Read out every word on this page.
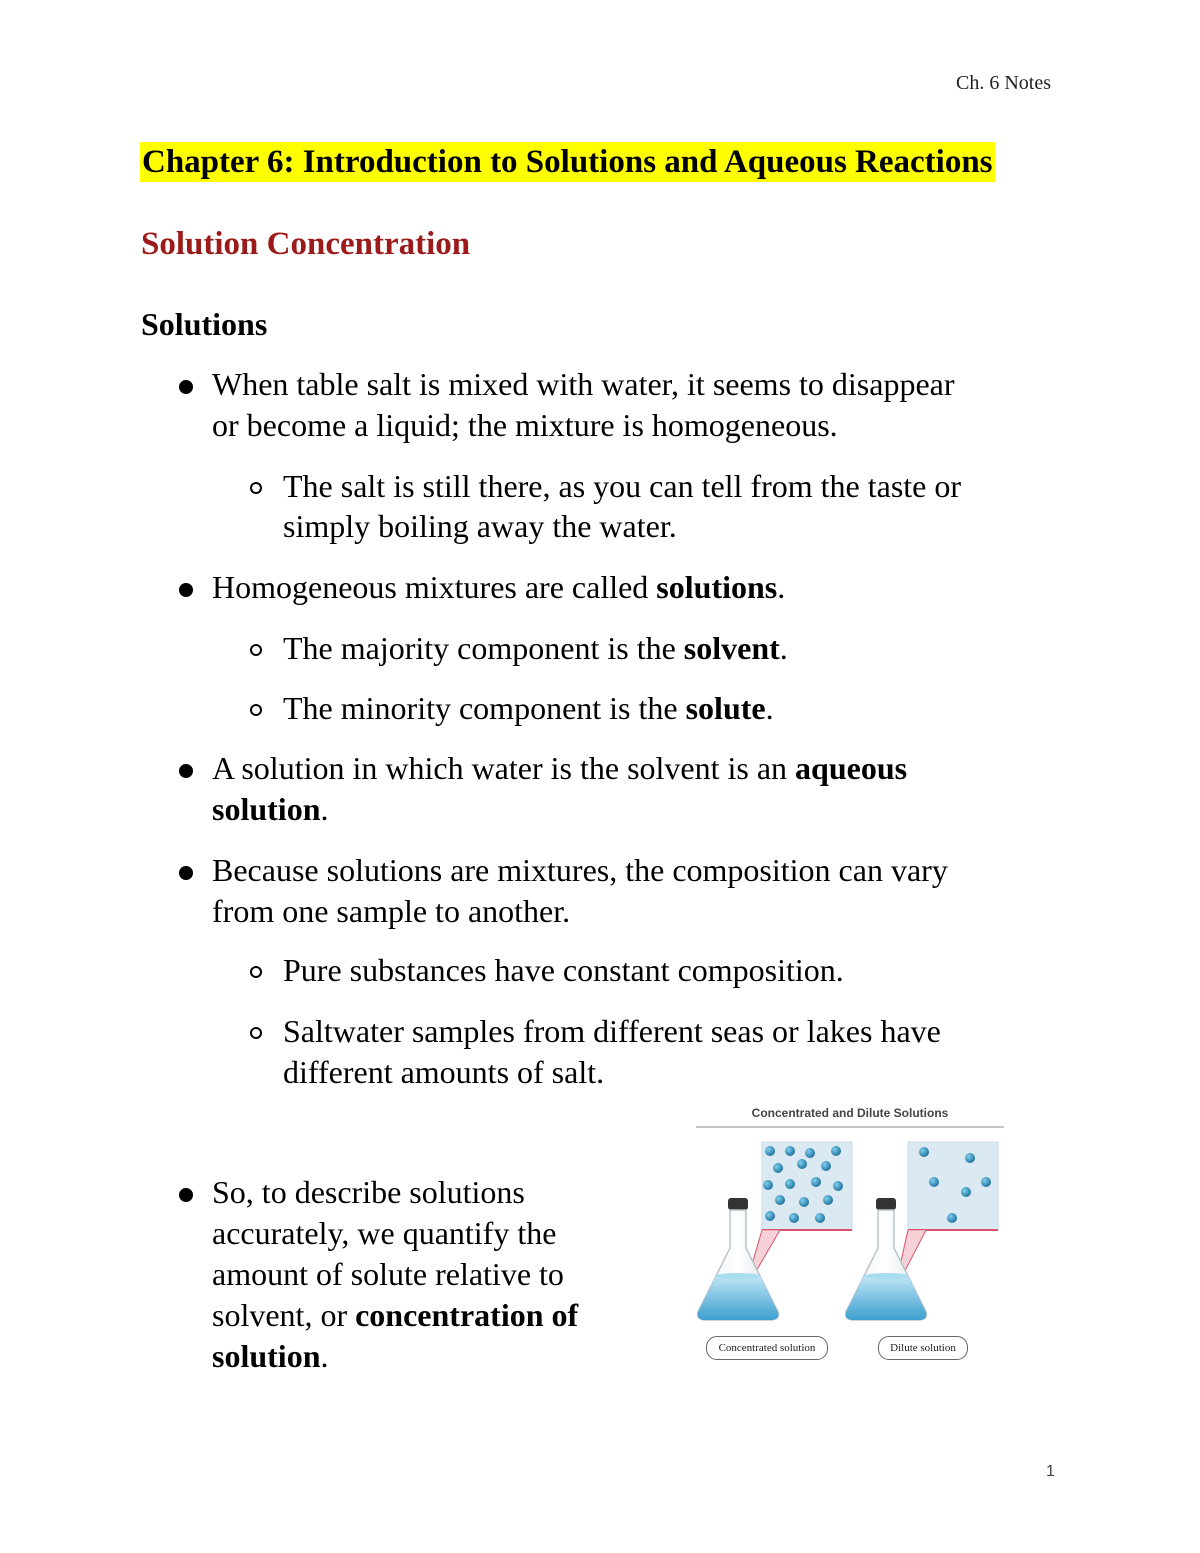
Ch. 6 Notes
Chapter 6: Introduction to Solutions and Aqueous Reactions
Solution Concentration
Solutions
When table salt is mixed with water, it seems to disappear
or become a liquid; the mixture is homogeneous.
The salt is still there, as you can tell from the taste or
simply boiling away the water.
Homogeneous mixtures are called solutions.
The majority component is the solvent.
The minority component is the solute.
A solution in which water is the solvent is an aqueous
solution.
Because solutions are mixtures, the composition can vary
from one sample to another.
Pure substances have constant composition.
Saltwater samples from different seas or lakes have
different amounts of salt.
So, to describe solutions
accurately, we quantify the
amount of solute relative to
solvent, or concentration of
solution.
Concentrated and Dilute Solutions
Concentrated solution	Dilute solution
1
